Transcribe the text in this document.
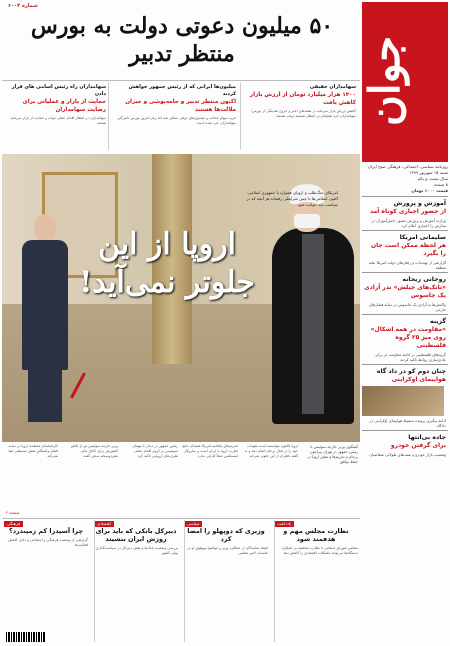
جوان
روزنامه سیاسی، اجتماعی، فرهنگی صبح ایران
شنبه ۱۵ شهریور ۱۳۹۹
سال بیست و یکم
۸ صفحه
قیمت ۱۰۰۰ تومان
آموزش و پرورش
از حضور اجباری کوتاه آمد
وزارت آموزش و پرورش حضور دانش‌آموزان در مدارس را اختیاری اعلام کرد
سلیمانی امریکا
هر لحظه ممکن است جان را بگیرد
گزارشی از تهدیدات و رفتارهای دولت امریکا علیه منطقه
روحانی ریحانه
«تانک‌های جیلش» ندر آزادی یک جاسوس
واکنش‌ها به آزادی یک جاسوس در سایه فشارهای خارجی
گزینه
«مقاومت در همه اشکال» روی میز ۲۵ گروه فلسطینی
گروه‌های فلسطینی بر ادامه مقاومت در برابر عادی‌سازی روابط تاکید کردند
چنان دوم کو در داد گاه
هواپیمای اوکراینی
ادامه پیگیری پرونده سقوط هواپیمای اوکراینی در دادگاه
جاده بی‌انتها
برای گرفتن خودرو
وضعیت بازار خودرو و صف‌های طولانی متقاضیان
شماره ۶۰۰۴
۵۰ میلیون دعوتی دولت به بورس منتظر تدبیر
سهامداران حقیقی
۱۴۰۰ هزار میلیارد تومان از ارزش بازار کاهش یافت
کاهش ارزش بازار سرمایه در هفته‌های اخیر و خروج نقدینگی از بورس؛ سهامداران خرد همچنان در انتظار تصمیم دولت هستند
میلیون‌ها ایرانی که از رئیس جمهور خواهش کردند
اکنون منتظر تدبیر و جامه‌پوشی و جبران ملالت‌ها هستند
خرید سهام عدالت و صندوق‌های دولتی ممکن شد اما زیان امروز بورس دامن‌گیر سهامداران خرد شده است
سهامداران راه رئیس اسامی های قرار دادن
حمایت از بازار و عملیاتی برای رضایت سهامداران
سهامداران در انتظار اقدام عملی دولت و حمایت از بازار سرمایه هستند
اروپا از این
جلوتر نمی‌آید!
امریکای جنگ‌طلب و اروپای همواره با جمهوری اسلامی. اکنون اسلامی‌ها با چنین شرایطی رفته‌اند هر آنچه که در سیاست باید خوانده شود
گفتگوی وزیر خارجه سوئیس با رئیس جمهور در تهران پیرامون برجام و تحریم‌ها و نقش اروپا در حفظ توافق
اروپا تاکنون نتوانسته است تعهدات خود را در قبال برجام انجام دهد و به گفته ناظران از این جلوتر نمی‌آید
تحریم‌های یکجانبه امریکا همچنان مانع تجارت اروپا با ایران است و سازوکار اینستکس عملاً کارایی ندارد
رئیس جمهور در دیدار با مهمان سوئیسی بر لزوم اقدام عملی طرف‌های اروپایی تاکید کرد
وزیر خارجه سوئیس نیز از تلاش کشورش برای کانال مالی بشردوستانه سخن گفت
کارشناسان معتقدند اروپا در سایه فشار واشنگتن نقش مستقلی ایفا نمی‌کند
صفحه ۲
یادداشت
نظارت مجلس مهم و هدفمند شود
مجلس شورای اسلامی با نظارت هدفمند بر عملکرد دستگاه‌ها می‌تواند مشکلات اقتصادی را کاهش دهد
سیاسی
وزیری که دوپهلو را امضا کرد
انتقاد نمایندگان از عملکرد وزیر و مواضع دوپهلوی او در جلسات اخیر مجلس
اقتصادی
دبیرکل بانکی که باید برای روزش ایران بنشیند
بررسی وضعیت بانک‌ها و نقش دبیرکل در سیاست‌گذاری پولی کشور
فرهنگی
چرا آسیدرا کم زمیندرد؟
گزارشی از وضعیت فرهنگی و اجتماعی و دلایل کاهش فعالیت‌ها
